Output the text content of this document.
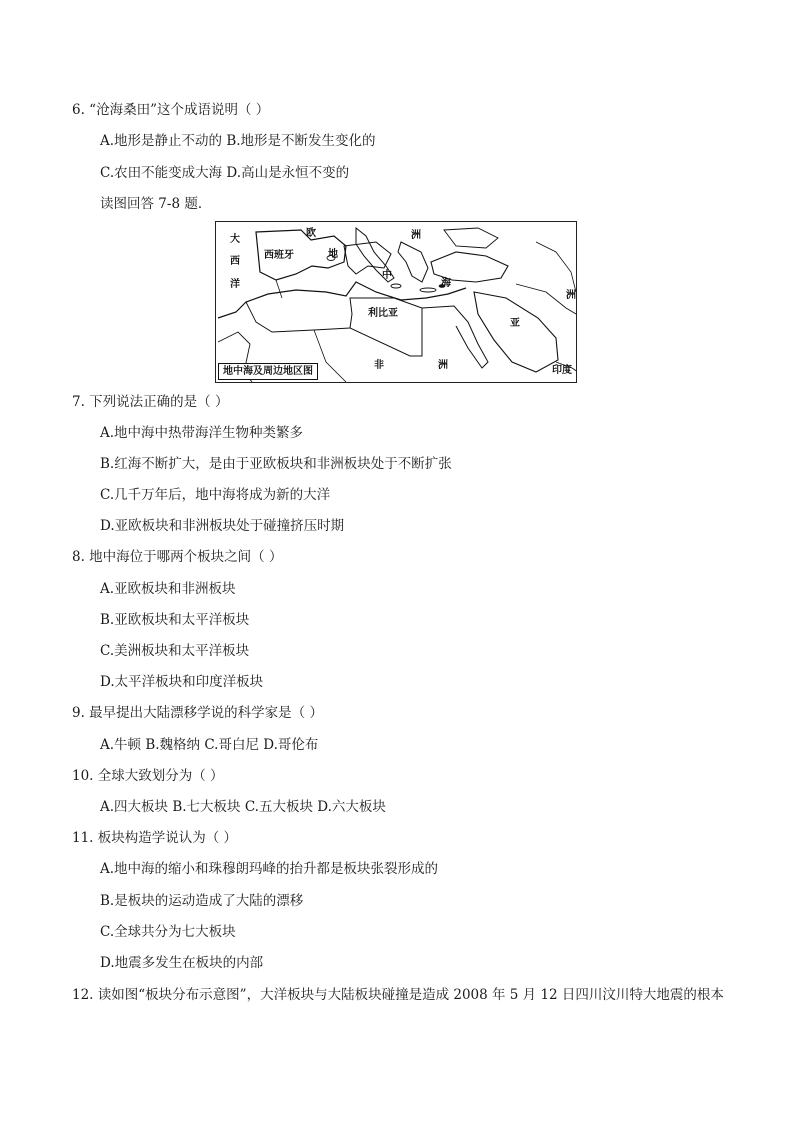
6. “沧海桑田”这个成语说明（ ）
A.地形是静止不动的 B.地形是不断发生变化的
C.农田不能变成大海 D.高山是永恒不变的
读图回答 7-8 题．
大
西
洋
欧	洲
西班牙	地
中
海
利比亚
亚
洲
非	洲	印度
地中海及周边地区图
7. 下列说法正确的是（ ）
A.地中海中热带海洋生物种类繁多
B.红海不断扩大，是由于亚欧板块和非洲板块处于不断扩张
C.几千万年后，地中海将成为新的大洋
D.亚欧板块和非洲板块处于碰撞挤压时期
8. 地中海位于哪两个板块之间（ ）
A.亚欧板块和非洲板块
B.亚欧板块和太平洋板块
C.美洲板块和太平洋板块
D.太平洋板块和印度洋板块
9. 最早提出大陆漂移学说的科学家是（ ）
A.牛顿 B.魏格纳 C.哥白尼 D.哥伦布
10. 全球大致划分为（ ）
A.四大板块 B.七大板块 C.五大板块 D.六大板块
11. 板块构造学说认为（ ）
A.地中海的缩小和珠穆朗玛峰的抬升都是板块张裂形成的
B.是板块的运动造成了大陆的漂移
C.全球共分为七大板块
D.地震多发生在板块的内部
12. 读如图“板块分布示意图”，大洋板块与大陆板块碰撞是造成 2008 年 5 月 12 日四川汶川特大地震的根本
